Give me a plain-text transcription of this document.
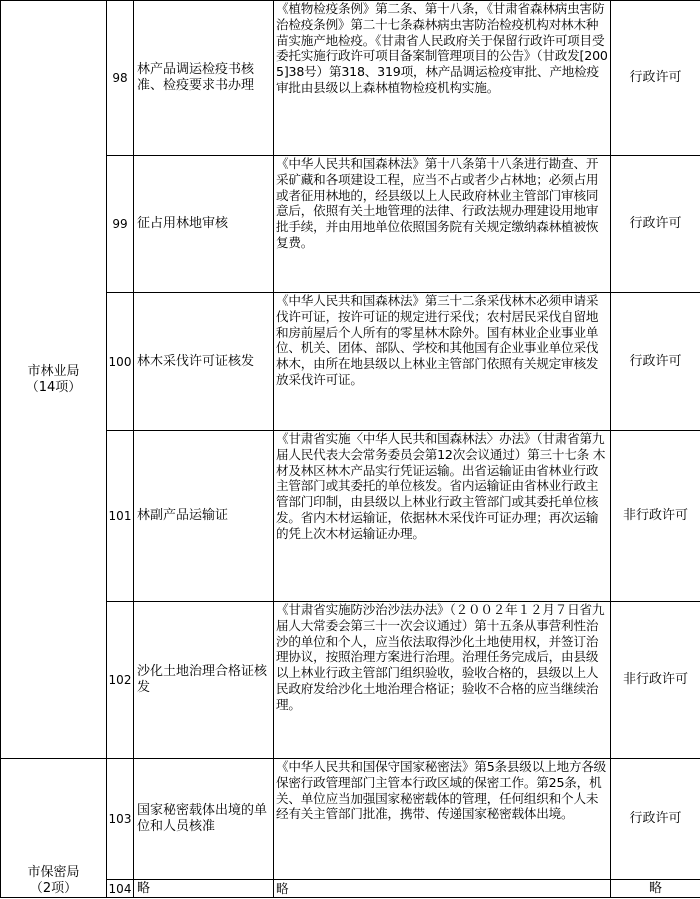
市林业局
（14项）	98	林产品调运检疫书核准、检疫要求书办理	《植物检疫条例》第二条、第十八条，《甘肃省森林病虫害防治检疫条例》第二十七条森林病虫害防治检疫机构对林木种苗实施产地检疫。《甘肃省人民政府关于保留行政许可项目受委托实施行政许可项目备案制管理项目的公告》（甘政发[2005]38号）第318、319项，林产品调运检疫审批、产地检疫审批由县级以上森林植物检疫机构实施。	行政许可
	99	征占用林地审核	《中华人民共和国森林法》第十八条第十八条进行勘查、开采矿藏和各项建设工程，应当不占或者少占林地；必须占用或者征用林地的，经县级以上人民政府林业主管部门审核同意后，依照有关土地管理的法律、行政法规办理建设用地审批手续，并由用地单位依照国务院有关规定缴纳森林植被恢复费。	行政许可
	100	林木采伐许可证核发	《中华人民共和国森林法》第三十二条采伐林木必须申请采伐许可证，按许可证的规定进行采伐；农村居民采伐自留地和房前屋后个人所有的零星林木除外。国有林业企业事业单位、机关、团体、部队、学校和其他国有企业事业单位采伐林木，由所在地县级以上林业主管部门依照有关规定审核发放采伐许可证。	行政许可
	101	林副产品运输证	《甘肃省实施〈中华人民共和国森林法〉办法》（甘肃省第九届人民代表大会常务委员会第12次会议通过）第三十七条 木材及林区林木产品实行凭证运输。出省运输证由省林业行政主管部门或其委托的单位核发。省内运输证由省林业行政主管部门印制，由县级以上林业行政主管部门或其委托单位核发。省内木材运输证，依据林木采伐许可证办理；再次运输的凭上次木材运输证办理。	非行政许可
	102	沙化土地治理合格证核发	《甘肃省实施防沙治沙法办法》（２００２年１２月７日省九届人大常委会第三十一次会议通过）第十五条从事营利性治沙的单位和个人，应当依法取得沙化土地使用权，并签订治理协议，按照治理方案进行治理。治理任务完成后，由县级以上林业行政主管部门组织验收，验收合格的，县级以上人民政府发给沙化土地治理合格证；验收不合格的应当继续治理。	非行政许可

市保密局
（2项）	103	国家秘密载体出境的单位和人员核准	《中华人民共和国保守国家秘密法》第5条县级以上地方各级保密行政管理部门主管本行政区域的保密工作。第25条，机关、单位应当加强国家秘密载体的管理，任何组织和个人未经有关主管部门批准，携带、传递国家秘密载体出境。	行政许可
	104	略	略	略
